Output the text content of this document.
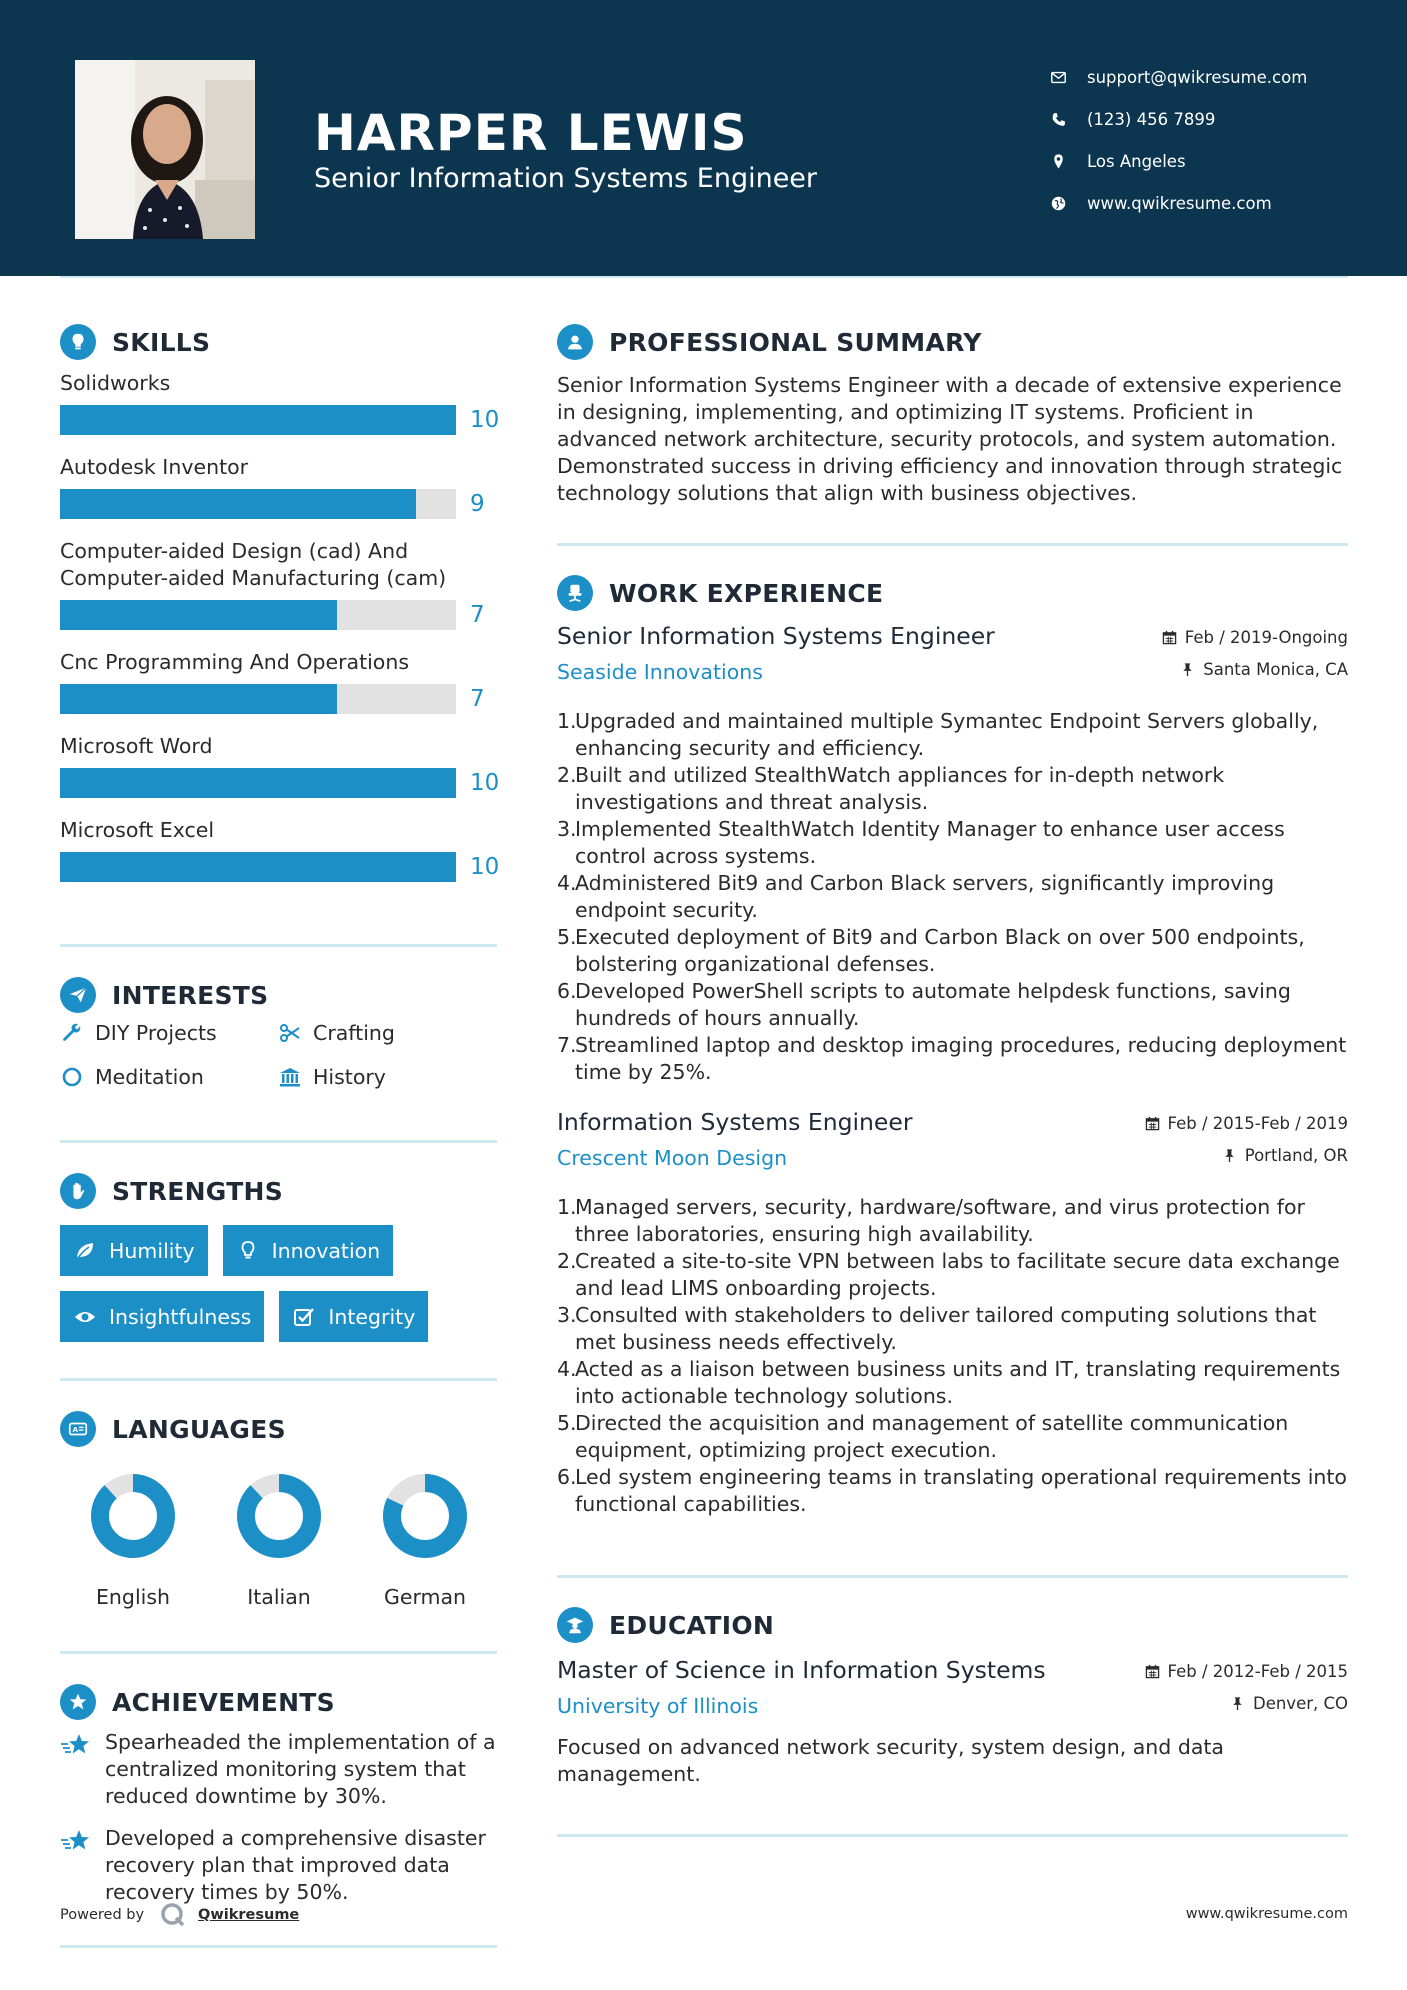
HARPER LEWIS
Senior Information Systems Engineer
support@qwikresume.com
(123) 456 7899
Los Angeles
www.qwikresume.com
SKILLS
Solidworks
10
Autodesk Inventor
9
Computer-aided Design (cad) And Computer-aided Manufacturing (cam)
7
Cnc Programming And Operations
7
Microsoft Word
10
Microsoft Excel
10
INTERESTS
DIY Projects	Crafting
Meditation	History
STRENGTHS
Humility	Innovation
Insightfulness	Integrity
A LANGUAGES
English	Italian	German
ACHIEVEMENTS
Spearheaded the implementation of a centralized monitoring system that reduced downtime by 30%.
Developed a comprehensive disaster recovery plan that improved data recovery times by 50%.
Powered by	Qwikresume	www.qwikresume.com
PROFESSIONAL SUMMARY
Senior Information Systems Engineer with a decade of extensive experience in designing, implementing, and optimizing IT systems. Proficient in advanced network architecture, security protocols, and system automation. Demonstrated success in driving efficiency and innovation through strategic technology solutions that align with business objectives.
WORK EXPERIENCE
Senior Information Systems Engineer
Seaside Innovations
Feb / 2019-Ongoing
Santa Monica, CA
1.
Upgraded and maintained multiple Symantec Endpoint Servers globally, enhancing security and efficiency.
2.
Built and utilized StealthWatch appliances for in-depth network investigations and threat analysis.
3.
Implemented StealthWatch Identity Manager to enhance user access control across systems.
4.
Administered Bit9 and Carbon Black servers, significantly improving endpoint security.
5.
Executed deployment of Bit9 and Carbon Black on over 500 endpoints, bolstering organizational defenses.
6.
Developed PowerShell scripts to automate helpdesk functions, saving hundreds of hours annually.
7.
Streamlined laptop and desktop imaging procedures, reducing deployment time by 25%.
Information Systems Engineer
Crescent Moon Design
Feb / 2015-Feb / 2019
Portland, OR
1.
Managed servers, security, hardware/software, and virus protection for three laboratories, ensuring high availability.
2.
Created a site-to-site VPN between labs to facilitate secure data exchange and lead LIMS onboarding projects.
3.
Consulted with stakeholders to deliver tailored computing solutions that met business needs effectively.
4.
Acted as a liaison between business units and IT, translating requirements into actionable technology solutions.
5.
Directed the acquisition and management of satellite communication equipment, optimizing project execution.
6.
Led system engineering teams in translating operational requirements into functional capabilities.
EDUCATION
Master of Science in Information Systems
University of Illinois
Feb / 2012-Feb / 2015
Denver, CO
Focused on advanced network security, system design, and data management.
